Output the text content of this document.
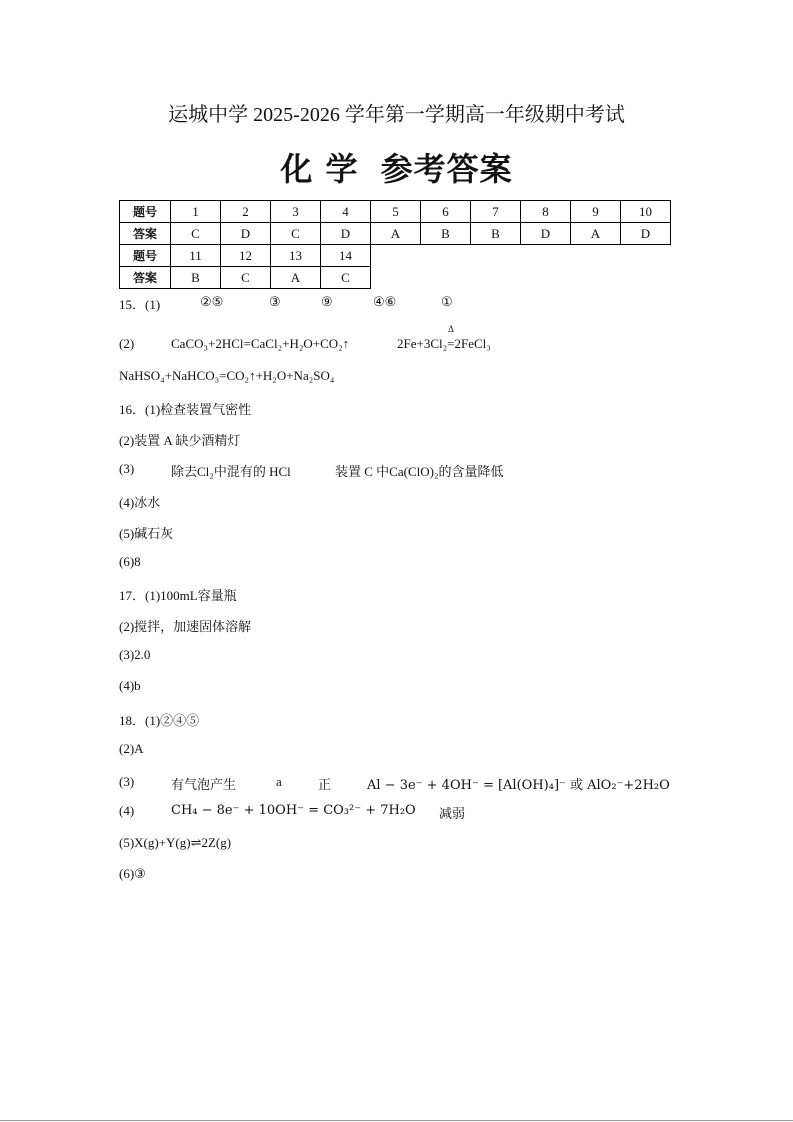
运城中学 2025-2026 学年第一学期高一年级期中考试
化 学 参考答案
题号	1	2	3	4	5	6	7	8	9	10
答案	C	D	C	D	A	B	B	D	A	D
题号	11	12	13	14						
答案	B	C	A	C						
15．(1)	②⑤	③	⑨	④⑥	①
(2)	CaCO₃+2HCl=CaCl₂+H₂O+CO₂↑	2Fe+3Cl₂
Δ
=2FeCl₃
NaHSO₄+NaHCO₃=CO₂↑+H₂O+Na₂SO₄
16．(1)检查装置气密性
(2)装置 A 缺少酒精灯
(3)	除去Cl₂中混有的 HCl	装置 C 中Ca(ClO)₂的含量降低
(4)冰水
(5)碱石灰
(6)8
17．(1)100mL容量瓶
(2)搅拌，加速固体溶解
(3)2.0
(4)b
18．(1)②④⑤
(2)A
(3)	有气泡产生	a	正	Al − 3e⁻ + 4OH⁻ = [Al(OH)₄]⁻ 或 AlO₂⁻+2H₂O
(4)	CH₄ − 8e⁻ + 10OH⁻ = CO₃²⁻ + 7H₂O 减弱
(5)X(g)+Y(g)⇌2Z(g)
(6)③
